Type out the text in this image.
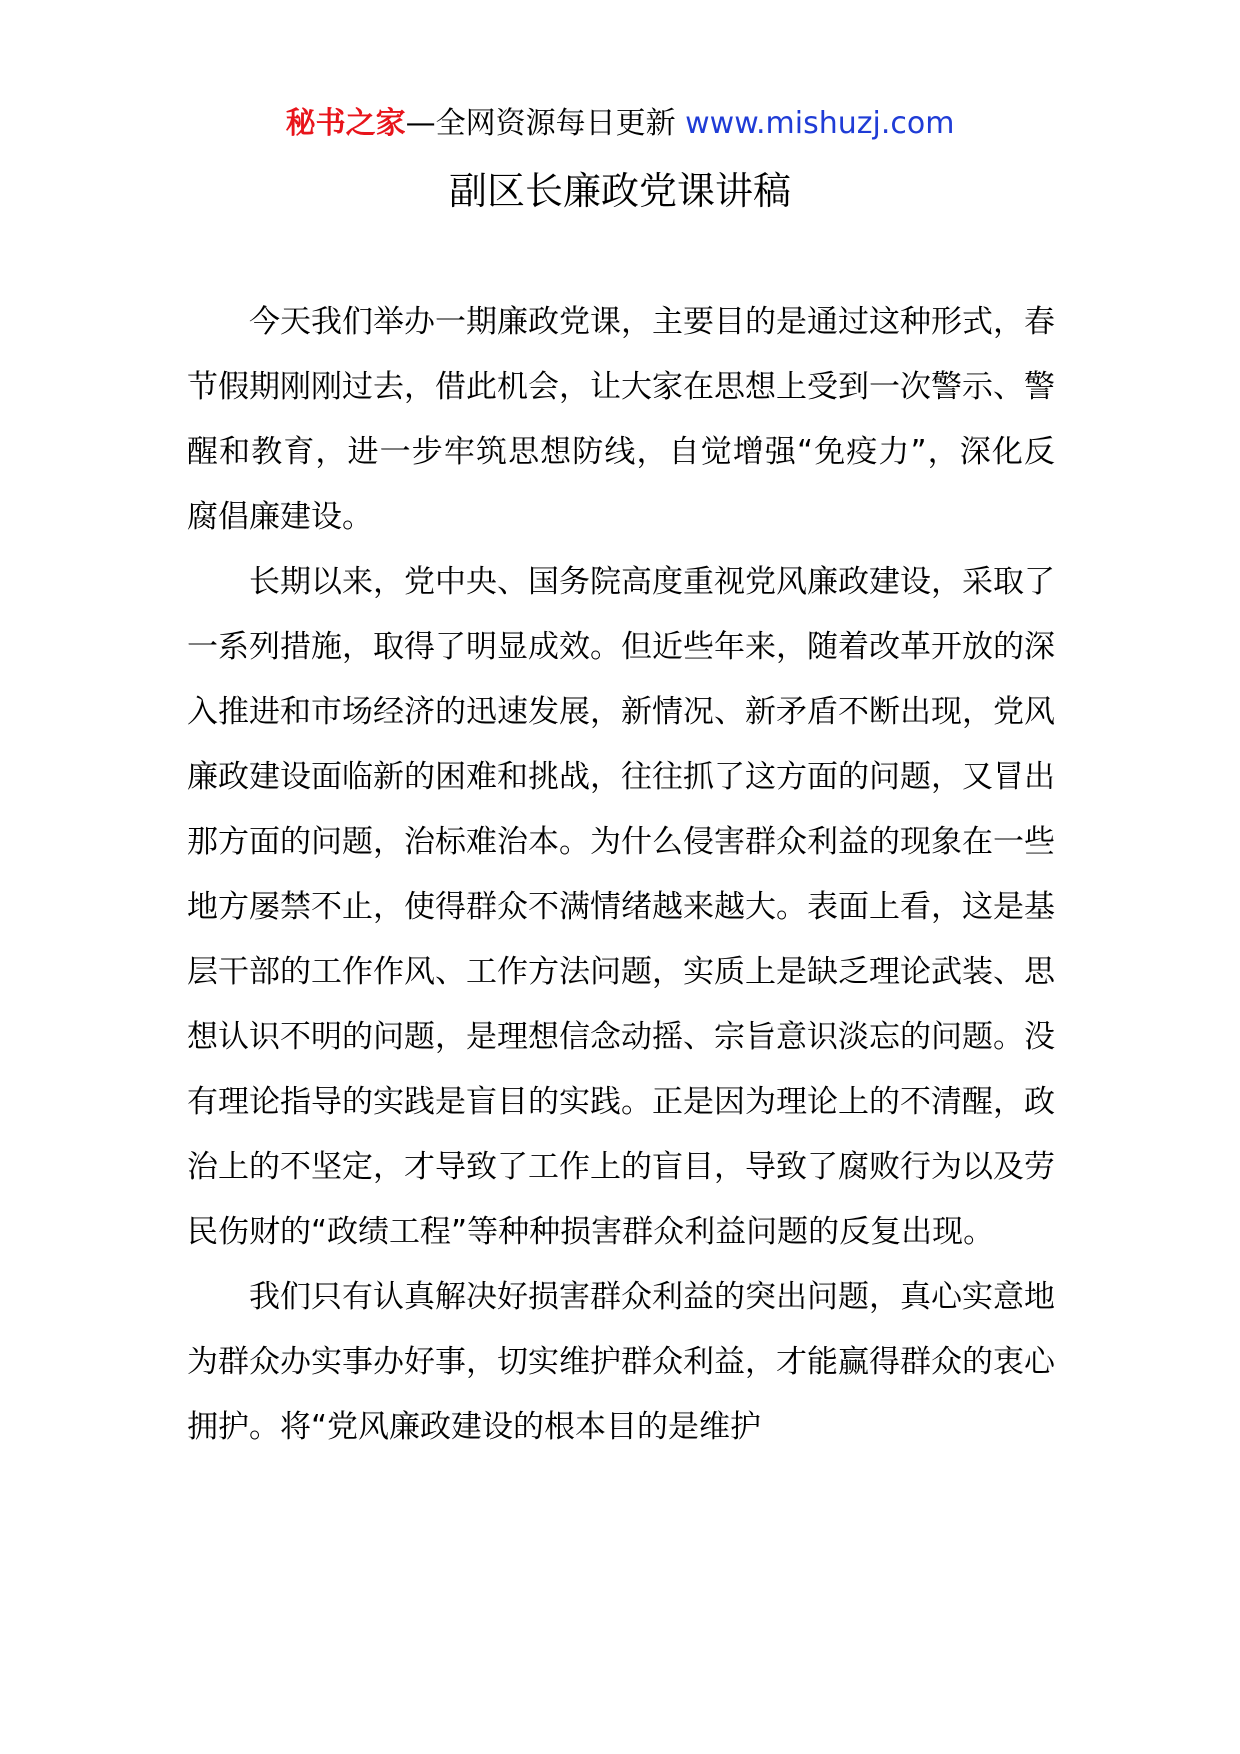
秘书之家—全网资源每日更新 www.mishuzj.com
副区长廉政党课讲稿

今天我们举办一期廉政党课，主要目的是通过这种形式，春节假期刚刚过去，借此机会，让大家在思想上受到一次警示、警醒和教育，进一步牢筑思想防线，自觉增强“免疫力”，深化反腐倡廉建设。

长期以来，党中央、国务院高度重视党风廉政建设，采取了一系列措施，取得了明显成效。但近些年来，随着改革开放的深入推进和市场经济的迅速发展，新情况、新矛盾不断出现，党风廉政建设面临新的困难和挑战，往往抓了这方面的问题，又冒出那方面的问题，治标难治本。为什么侵害群众利益的现象在一些地方屡禁不止，使得群众不满情绪越来越大。表面上看，这是基层干部的工作作风、工作方法问题，实质上是缺乏理论武装、思想认识不明的问题，是理想信念动摇、宗旨意识淡忘的问题。没有理论指导的实践是盲目的实践。正是因为理论上的不清醒，政治上的不坚定，才导致了工作上的盲目，导致了腐败行为以及劳民伤财的“政绩工程”等种种损害群众利益问题的反复出现。

我们只有认真解决好损害群众利益的突出问题，真心实意地为群众办实事办好事，切实维护群众利益，才能赢得群众的衷心拥护。将“党风廉政建设的根本目的是维护
